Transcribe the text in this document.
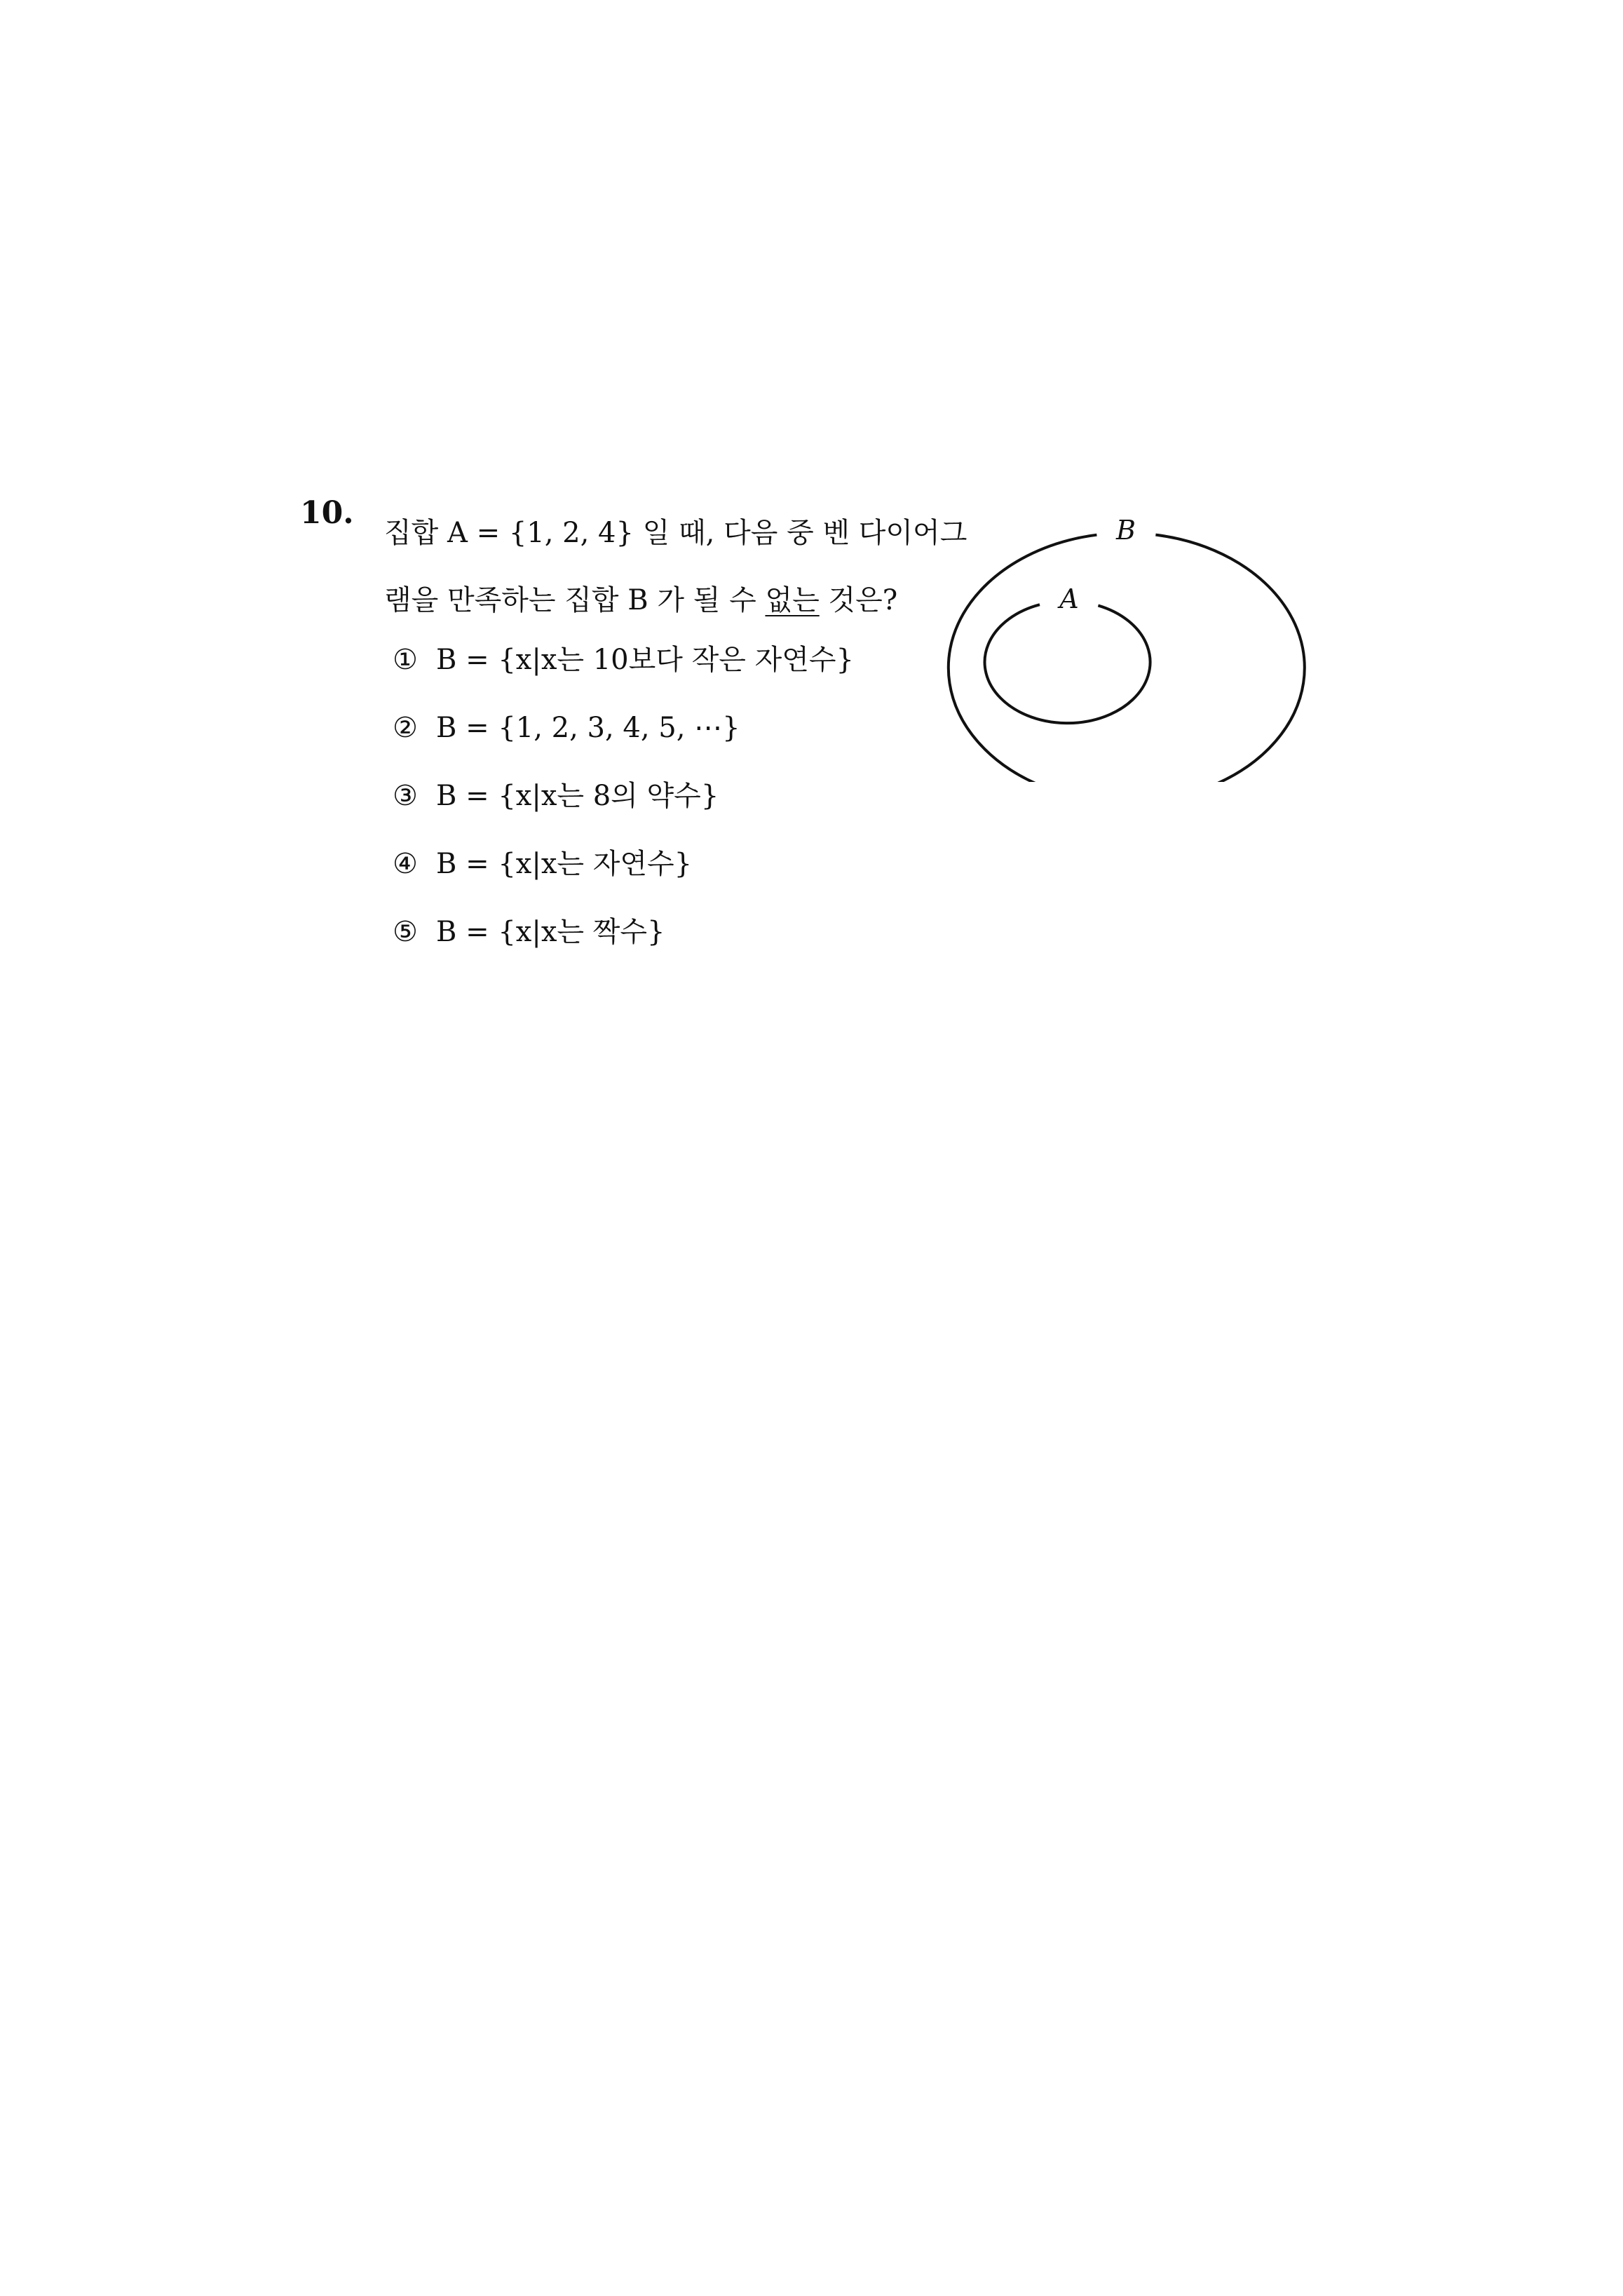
10.
집합 A = {1, 2, 4} 일 때, 다음 중 벤 다이어그
램을 만족하는 집합 B 가 될 수 없는 것은?
① B = {x|x는 10보다 작은 자연수}
② B = {1, 2, 3, 4, 5, ⋯}
③ B = {x|x는 8의 약수}
④ B = {x|x는 자연수}
⑤ B = {x|x는 짝수}
B
A
